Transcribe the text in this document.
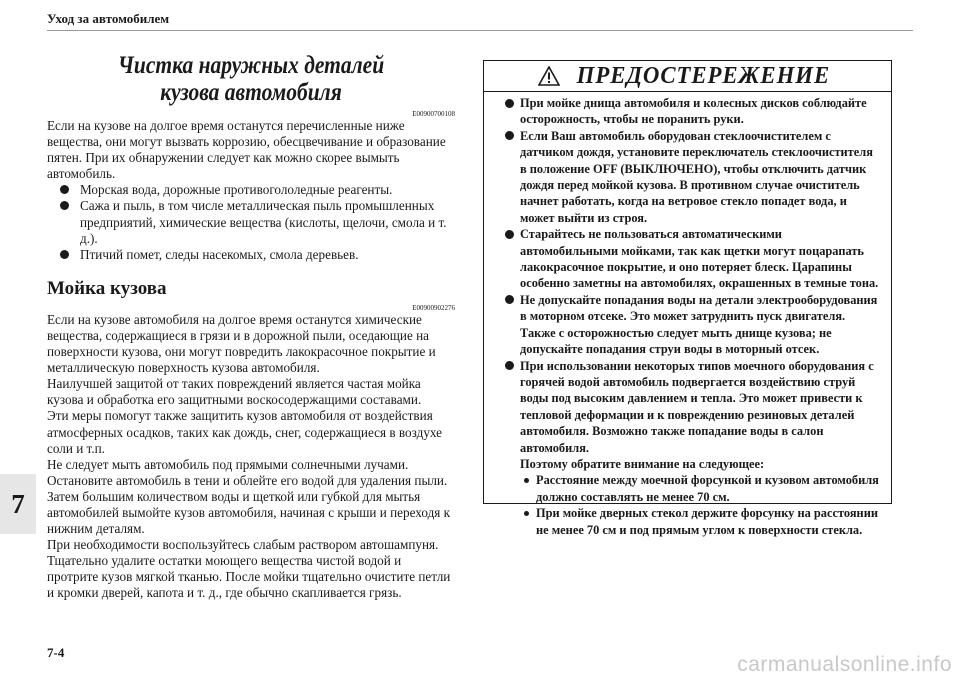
Уход за автомобилем
7
Чистка наружных деталей
кузова автомобиля
E00900700108

Если на кузове на долгое время останутся перечисленные ниже вещества, они могут вызвать коррозию, обесцвечивание и образование пятен. При их обнаружении следует как можно скорее вымыть автомобиль.

Морская вода, дорожные противогололедные реагенты.
Сажа и пыль, в том числе металлическая пыль промышленных предприятий, химические вещества (кислоты, щелочи, смола и т. д.).
Птичий помет, следы насекомых, смола деревьев.
Мойка кузова
E00900902276

Если на кузове автомобиля на долгое время останутся химические вещества, содержащиеся в грязи и в дорожной пыли, оседающие на поверхности кузова, они могут повредить лакокрасочное покрытие и металлическую поверхность кузова автомобиля.

Наилучшей защитой от таких повреждений является частая мойка кузова и обработка его защитными воскосодержащими составами.

Эти меры помогут также защитить кузов автомобиля от воздействия атмосферных осадков, таких как дождь, снег, содержащиеся в воздухе соли и т.п.

Не следует мыть автомобиль под прямыми солнечными лучами. Остановите автомобиль в тени и облейте его водой для удаления пыли. Затем большим количеством воды и щеткой или губкой для мытья автомобилей вымойте кузов автомобиля, начиная с крыши и переходя к нижним деталям.

При необходимости воспользуйтесь слабым раствором автошампуня. Тщательно удалите остатки моющего вещества чистой водой и протрите кузов мягкой тканью. После мойки тщательно очистите петли и кромки дверей, капота и т. д., где обычно скапливается грязь.

ПРЕДОСТЕРЕЖЕНИЕ
При мойке днища автомобиля и колесных дисков соблюдайте осторожность, чтобы не поранить руки.
Если Ваш автомобиль оборудован стеклоочистителем с датчиком дождя, установите переключатель стеклоочистителя в положение OFF (ВЫКЛЮЧЕНО), чтобы отключить датчик дождя перед мойкой кузова. В противном случае очиститель начнет работать, когда на ветровое стекло попадет вода, и может выйти из строя.
Старайтесь не пользоваться автоматическими автомобильными мойками, так как щетки могут поцарапать лакокрасочное покрытие, и оно потеряет блеск. Царапины особенно заметны на автомобилях, окрашенных в темные тона.
Не допускайте попадания воды на детали электрооборудования в моторном отсеке. Это может затруднить пуск двигателя.
Также с осторожностью следует мыть днище кузова; не допускайте попадания струи воды в моторный отсек.
При использовании некоторых типов моечного оборудования с горячей водой автомобиль подвергается воздействию струй воды под высоким давлением и тепла. Это может привести к тепловой деформации и к повреждению резиновых деталей автомобиля. Возможно также попадание воды в салон автомобиля.
Поэтому обратите внимание на следующее:
Расстояние между моечной форсункой и кузовом автомобиля должно составлять не менее 70 см.
При мойке дверных стекол держите форсунку на расстоянии не менее 70 см и под прямым углом к поверхности стекла.
7-4
carmanualsonline.info
